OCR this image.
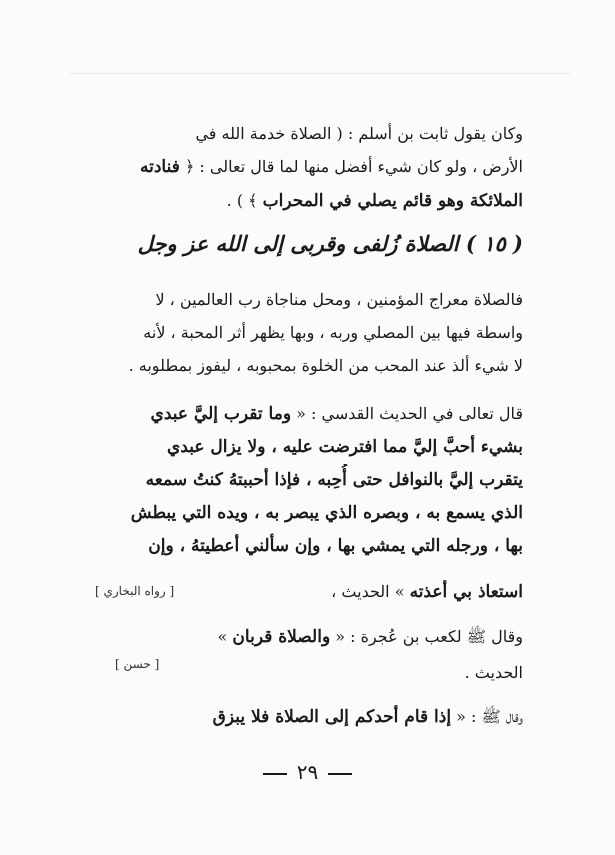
وكان يقول ثابت بن أسلم : ( الصلاة خدمة الله في
الأرض ، ولو كان شيء أفضل منها لما قال تعالى : ﴿ فنادته
الملائكة وهو قائم يصلي في المحراب ﴾ ) .
( ١٥ ) الصلاة زُلفى وقربى إلى الله عز وجل
فالصلاة معراج المؤمنين ، ومحل مناجاة رب العالمين ، لا
واسطة فيها بين المصلي وربه ، وبها يظهر أثر المحبة ، لأنه
لا شيء ألذ عند المحب من الخلوة بمحبوبه ، ليفوز بمطلوبه .
قال تعالى في الحديث القدسي : « وما تقرب إليَّ عبدي
بشيء أحبَّ إليَّ مما افترضت عليه ، ولا يزال عبدي
يتقرب إليَّ بالنوافل حتى أُحِبه ، فإذا أحببتهُ كنتُ سمعه
الذي يسمع به ، وبصره الذي يبصر به ، ويده التي يبطش
بها ، ورجله التي يمشي بها ، وإن سألني أعطيتهُ ، وإن
استعاذ بي أعذته » الحديث ،
[ رواه البخاري ]
وقال ﷺ لكعب بن عُجرة : « والصلاة قربان »
الحديث .
[ حسن ]
وقال ﷺ : « إذا قام أحدكم إلى الصلاة فلا يبزق
٢٩
